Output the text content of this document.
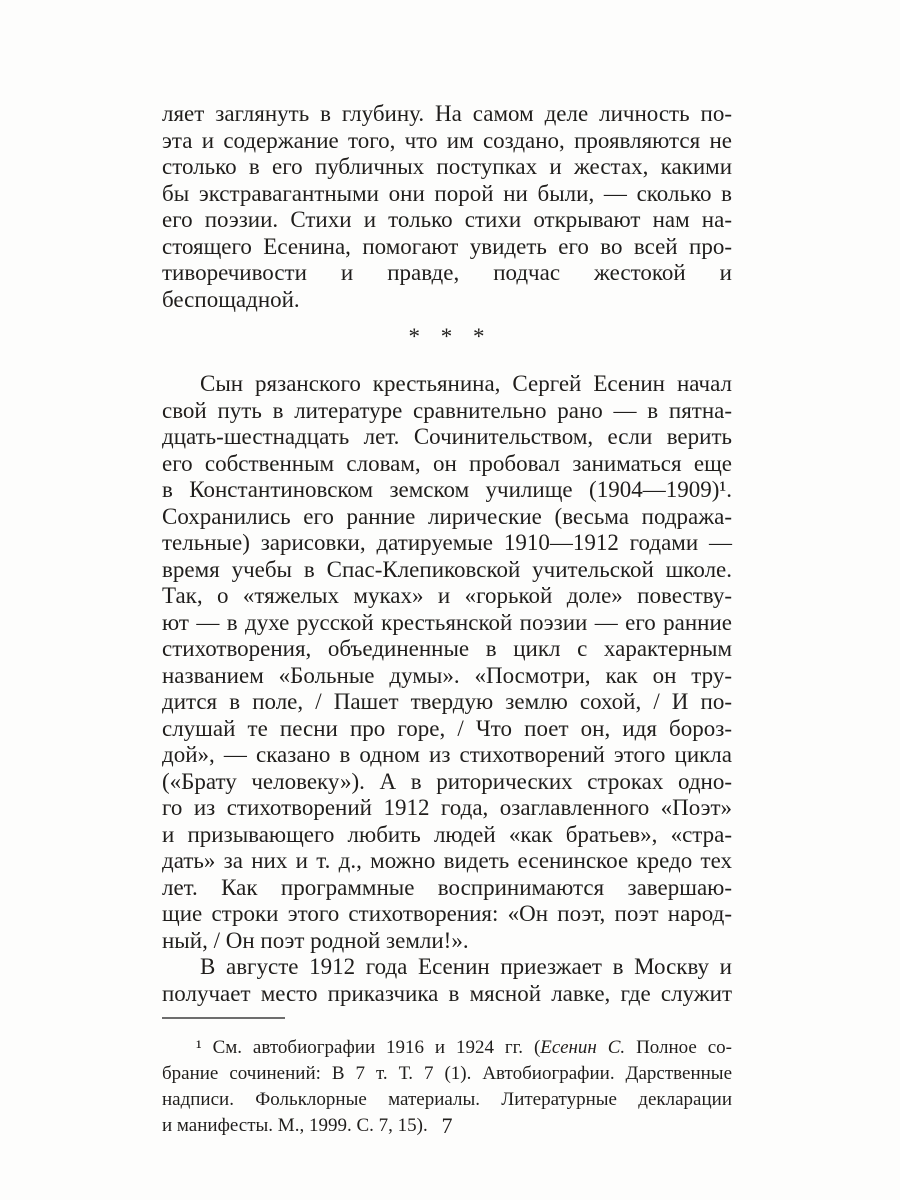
ляет заглянуть в глубину. На самом деле личность по-
эта и содержание того, что им создано, проявляются не
столько в его публичных поступках и жестах, какими
бы экстравагантными они порой ни были, — сколько в
его поэзии. Стихи и только стихи открывают нам на-
стоящего Есенина, помогают увидеть его во всей про-
тиворечивости и правде, подчас жестокой и беспощадной.
* * *
Сын рязанского крестьянина, Сергей Есенин начал
свой путь в литературе сравнительно рано — в пятна-
дцать-шестнадцать лет. Сочинительством, если верить
его собственным словам, он пробовал заниматься еще
в Константиновском земском училище (1904—1909)¹.
Сохранились его ранние лирические (весьма подража-
тельные) зарисовки, датируемые 1910—1912 годами —
время учебы в Спас-Клепиковской учительской школе.
Так, о «тяжелых муках» и «горькой доле» повеству-
ют — в духе русской крестьянской поэзии — его ранние
стихотворения, объединенные в цикл с характерным
названием «Больные думы». «Посмотри, как он тру-
дится в поле, / Пашет твердую землю сохой, / И по-
слушай те песни про горе, / Что поет он, идя бороз-
дой», — сказано в одном из стихотворений этого цикла
(«Брату человеку»). А в риторических строках одно-
го из стихотворений 1912 года, озаглавленного «Поэт»
и призывающего любить людей «как братьев», «стра-
дать» за них и т. д., можно видеть есенинское кредо тех
лет. Как программные воспринимаются завершаю-
щие строки этого стихотворения: «Он поэт, поэт народ-
ный, / Он поэт родной земли!».
В августе 1912 года Есенин приезжает в Москву и
получает место приказчика в мясной лавке, где служит
¹ См. автобиографии 1916 и 1924 гг. (Есенин С. Полное со-
брание сочинений: В 7 т. Т. 7 (1). Автобиографии. Дарственные
надписи. Фольклорные материалы. Литературные декларации
и манифесты. М., 1999. С. 7, 15). 7
